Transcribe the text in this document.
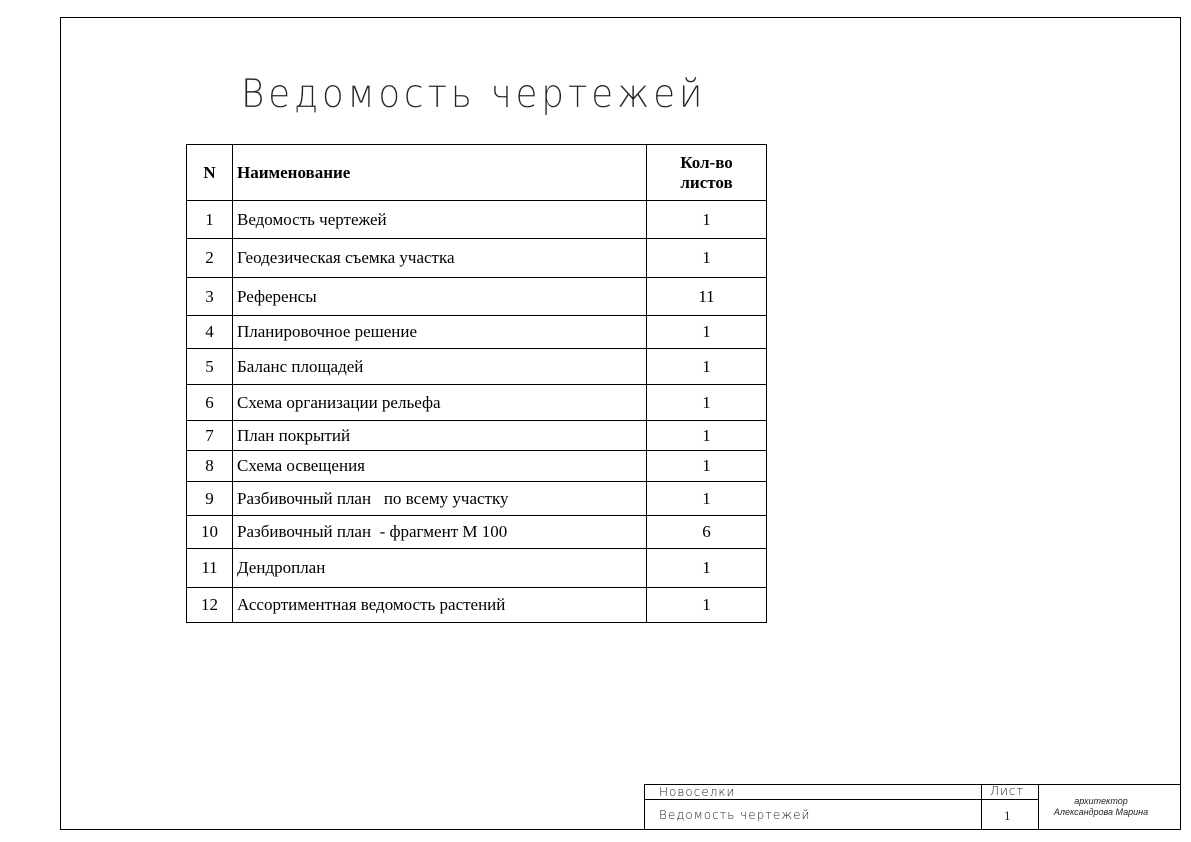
Ведомость чертежей
N	Наименование	Кол-во
листов

1	Ведомость чертежей	1
2	Геодезическая съемка участка	1
3	Референсы	11
4	Планировочное решение	1
5	Баланс площадей	1
6	Схема организации рельефа	1
7	План покрытий	1
8	Схема освещения	1
9	Разбивочный план   по всему участку	1
10	Разбивочный план  - фрагмент М 100	6
11	Дендроплан	1
12	Ассортиментная ведомость растений	1
Новоселки
Ведомость чертежей
Лист
1
архитектор
Александрова Марина
